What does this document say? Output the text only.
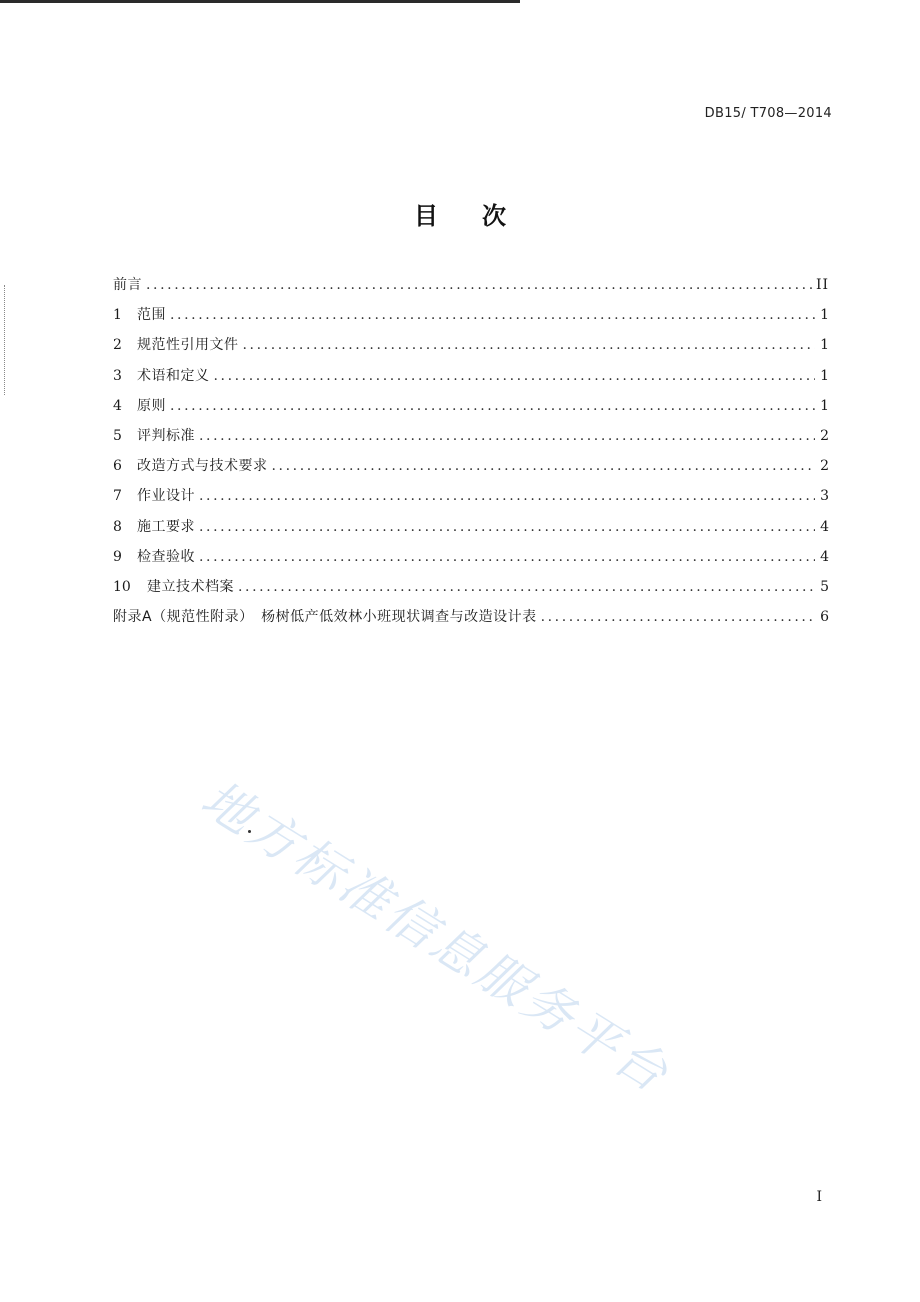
DB15/ T708—2014
目次
前言 .....	II
1	范围 .....	1
2	规范性引用文件 .....	1
3	术语和定义 .....	1
4	原则 .....	1
5	评判标准 .....	2
6	改造方式与技术要求 .....	2
7	作业设计 .....	3
8	施工要求 .....	4
9	检查验收 .....	4
10	建立技术档案 .....	5
附录A（规范性附录）　杨树低产低效林小班现状调查与改造设计表 .....	6
地方标准信息服务平台
I
